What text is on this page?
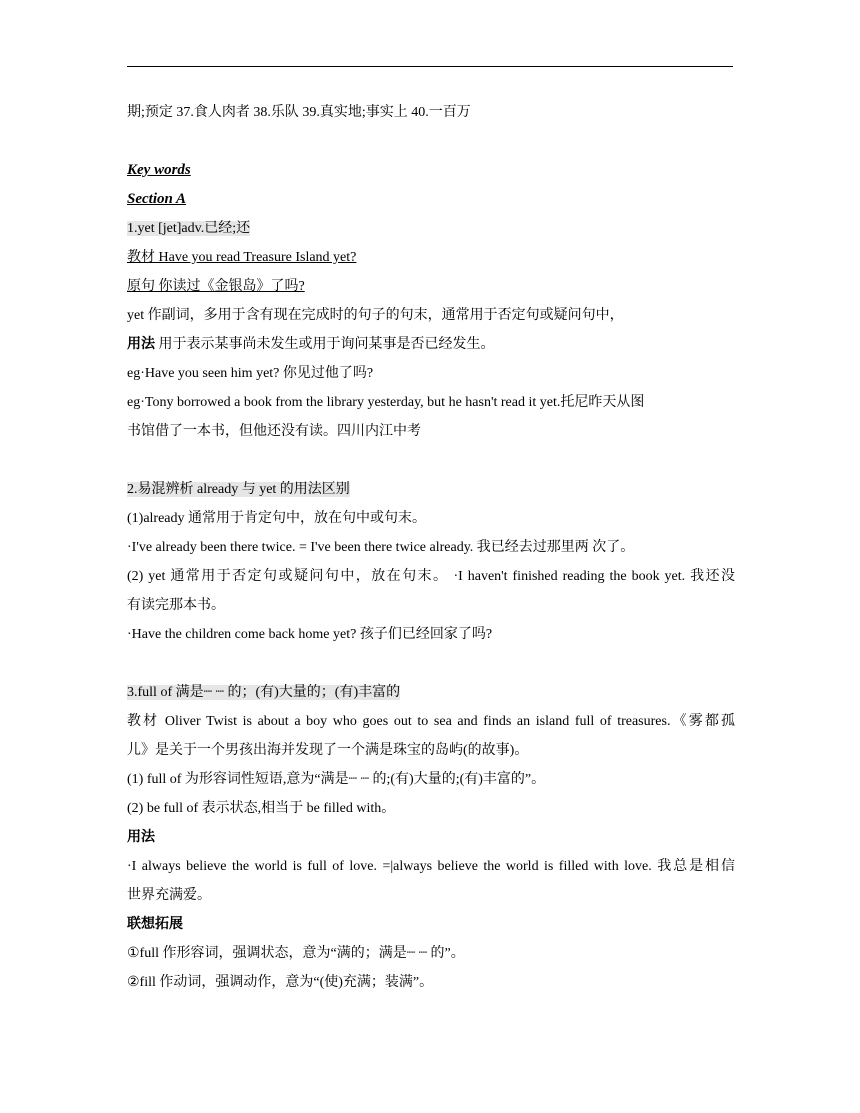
期;预定 37.食人肉者 38.乐队 39.真实地;事实上 40.一百万
Key words
Section A
1.yet [jet]adv.已经;还
教材 Have you read Treasure Island yet?
原句 你读过《金银岛》了吗?
yet 作副词，多用于含有现在完成时的句子的句末，通常用于否定句或疑问句中，
用法 用于表示某事尚未发生或用于询问某事是否已经发生。
eg·Have you seen him yet? 你见过他了吗?
eg·Tony borrowed a book from the library yesterday, but he hasn't read it yet.托尼昨天从图
书馆借了一本书，但他还没有读。四川内江中考
2.易混辨析 already 与 yet 的用法区别
(1)already 通常用于肯定句中，放在句中或句末。
·I've already been there twice. = I've been there twice already. 我已经去过那里两 次了。
(2) yet 通常用于否定句或疑问句中，放在句末。 ·I haven't finished reading the book yet. 我还没
有读完那本书。
·Have the children come back home yet? 孩子们已经回家了吗?
3.full of 满是┈ ┈ 的；(有)大量的；(有)丰富的
教材 Oliver Twist is about a boy who goes out to sea and finds an island full of treasures.《雾都孤
儿》是关于一个男孩出海并发现了一个满是珠宝的岛屿(的故事)。
(1) full of 为形容词性短语,意为“满是┈ ┈ 的;(有)大量的;(有)丰富的”。
(2) be full of 表示状态,相当于 be filled with。
用法
·I always believe the world is full of love. =|always believe the world is filled with love. 我总是相信
世界充满爱。
联想拓展
①full 作形容词，强调状态，意为“满的；满是┈ ┈ 的”。
②fill 作动词，强调动作，意为“(使)充满；装满”。
